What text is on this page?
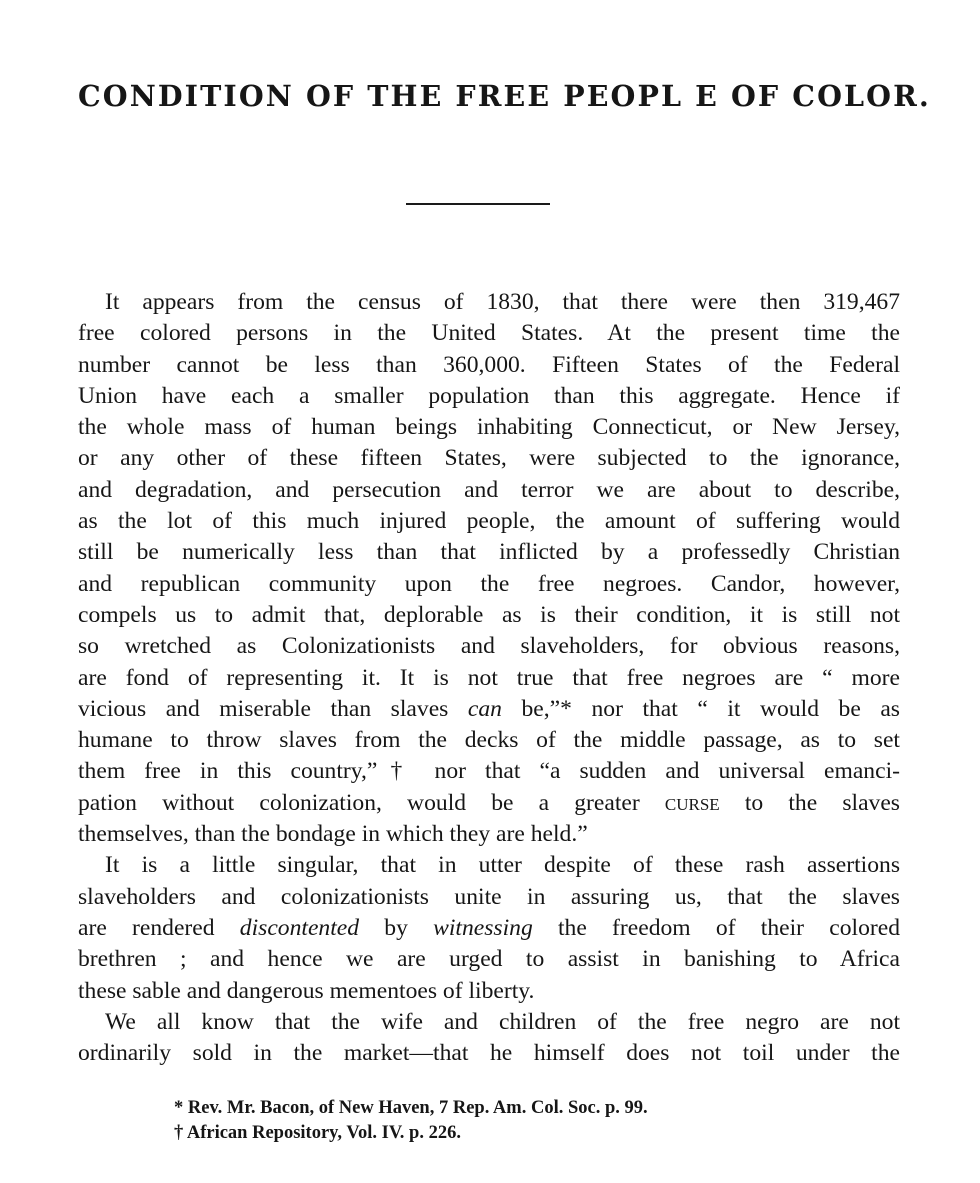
CONDITION OF THE FREE PEOPL E OF COLOR.
It appears from the census of 1830, that there were then 319,467
free colored persons in the United States. At the present time the
number cannot be less than 360,000. Fifteen States of the Federal
Union have each a smaller population than this aggregate. Hence if
the whole mass of human beings inhabiting Connecticut, or New Jersey,
or any other of these fifteen States, were subjected to the ignorance,
and degradation, and persecution and terror we are about to describe,
as the lot of this much injured people, the amount of suffering would
still be numerically less than that inflicted by a professedly Christian
and republican community upon the free negroes. Candor, however,
compels us to admit that, deplorable as is their condition, it is still not
so wretched as Colonizationists and slaveholders, for obvious reasons,
are fond of representing it. It is not true that free negroes are “ more
vicious and miserable than slaves can be,”* nor that “ it would be as
humane to throw slaves from the decks of the middle passage, as to set
them free in this country,”† nor that “a sudden and universal emanci-
pation without colonization, would be a greater curse to the slaves
themselves, than the bondage in which they are held.”
It is a little singular, that in utter despite of these rash assertions
slaveholders and colonizationists unite in assuring us, that the slaves
are rendered discontented by witnessing the freedom of their colored
brethren ; and hence we are urged to assist in banishing to Africa
these sable and dangerous mementoes of liberty.
We all know that the wife and children of the free negro are not
ordinarily sold in the market—that he himself does not toil under the
* Rev. Mr. Bacon, of New Haven, 7 Rep. Am. Col. Soc. p. 99.
† African Repository, Vol. IV. p. 226.
